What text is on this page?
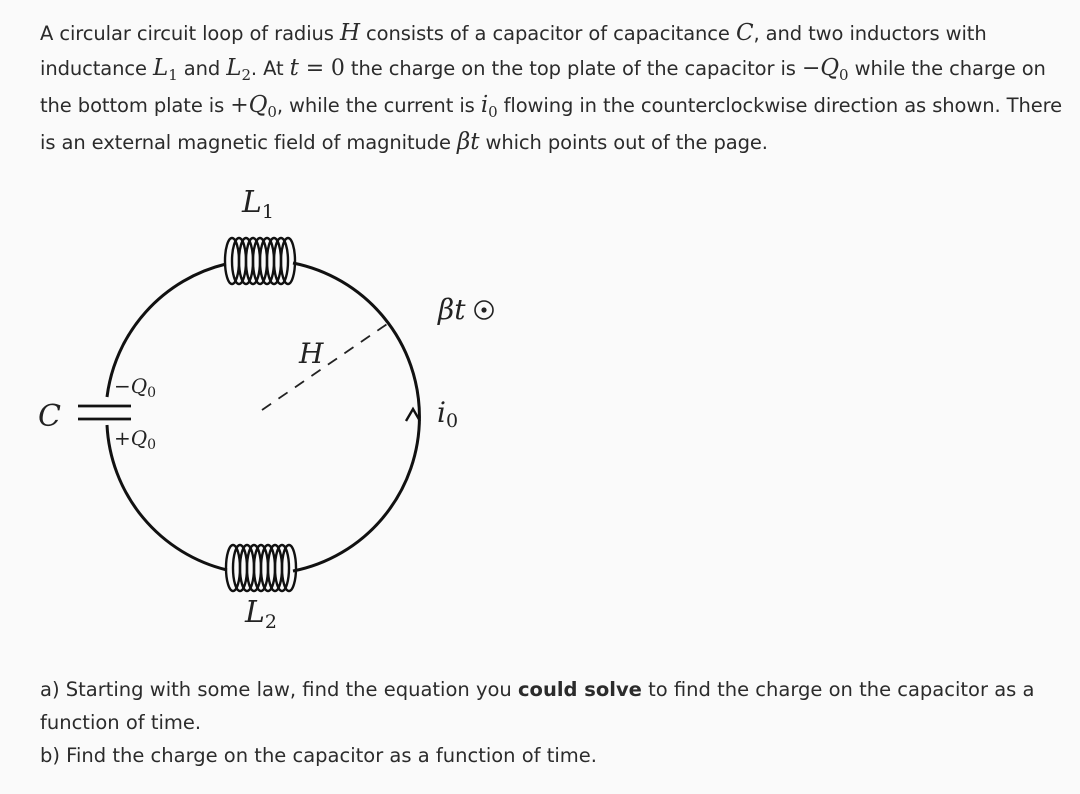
A circular circuit loop of radius H consists of a capacitor of capacitance C, and two inductors with inductance $L_1$ and $L_2$. At t = 0 the charge on the top plate of the capacitor is $-Q_0$ while the charge on the bottom plate is $+Q_0$, while the current is $i_0$ flowing in the counterclockwise direction as shown. There is an external magnetic field of magnitude βt which points out of the page.
$L_1$
$L_2$
C
$-Q_0$
$+Q_0$
H
i0
βt

a) Starting with some law, find the equation you could solve to find the charge on the capacitor as a function of time.

b) Find the charge on the capacitor as a function of time.
